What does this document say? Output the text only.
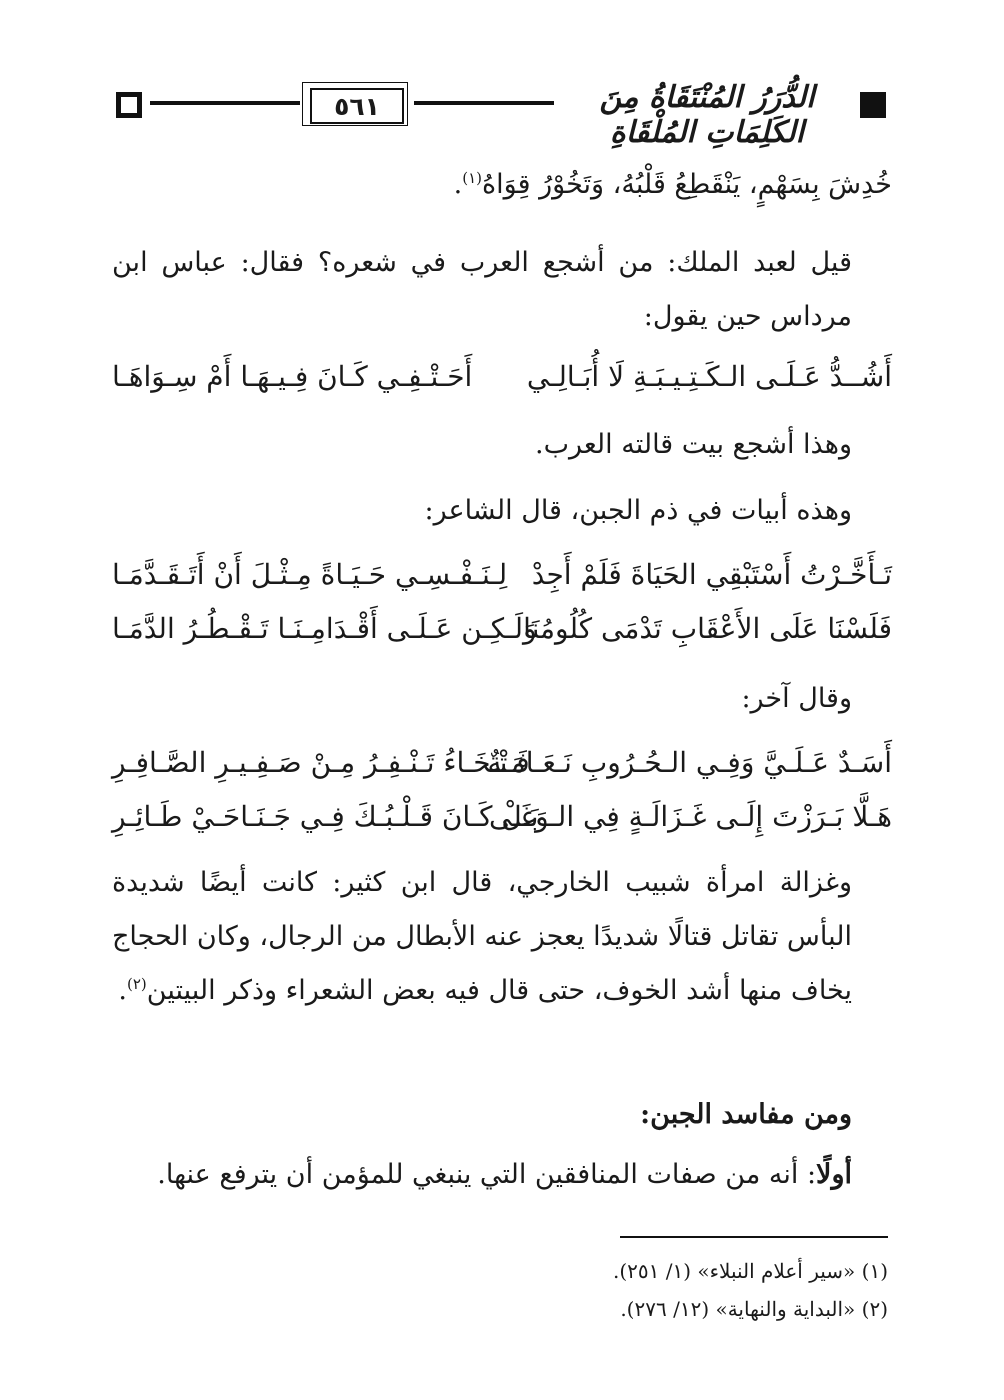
٥٦١	الدُّرَرُ المُنْتَقَاةُ مِنَ الكَلِمَاتِ المُلْقَاةِ
خُدِشَ بِسَهْمٍ، يَنْقَطِعُ قَلْبُهُ، وَتَخُوْرُ قِوَاهُ$^{(١)}$.
قيل لعبد الملك: من أشجع العرب في شعره؟ فقال: عباس ابن مرداس حين يقول:
أَشُــدُّ عَـلَـى الـكَـتِـيـبَـةِ لَا أُبَـالِـي
أَحَـتْـفِـي كَـانَ فِـيـهَـا أَمْ سِـوَاهَـا
وهذا أشجع بيت قالته العرب.
وهذه أبيات في ذم الجبن، قال الشاعر:
تَـأَخَّـرْتُ أَسْتَبْقِي الحَيَاةَ فَلَمْ أَجِدْ
لِـنَـفْـسِـي حَـيَـاةً مِـثْـلَ أَنْ أَتَـقَـدَّمَـا
فَلَسْنَا عَلَى الأَعْقَابِ تَدْمَى كُلُومُنَا
وَلَـكِـن عَـلَـى أَقْـدَامِـنَـا تَـقْـطُـرُ الدَّمَـا
وقال آخر:
أَسَـدٌ عَـلَـيَّ وَفِـي الـحُـرُوبِ نَـعَـامَـةٌ
فَـتْـخَـاءُ تَـنْـفِـرُ مِـنْ صَـفِـيـرِ الصَّـافِـرِ
هَـلَّا بَـرَزْتَ إِلَـى غَـزَالَـةٍ فِي الـوَغَـى
بَـلْ كَـانَ قَـلْـبُـكَ فِـي جَـنَـاحَـيْ طَـائِـرِ
وغزالة امرأة شبيب الخارجي، قال ابن كثير: كانت أيضًا شديدة البأس تقاتل قتالًا شديدًا يعجز عنه الأبطال من الرجال، وكان الحجاج يخاف منها أشد الخوف، حتى قال فيه بعض الشعراء وذكر البيتين$^{(٢)}$.
ومن مفاسد الجبن:
أولًا: أنه من صفات المنافقين التي ينبغي للمؤمن أن يترفع عنها.
(١) «سير أعلام النبلاء» (١/ ٢٥١).
(٢) «البداية والنهاية» (١٢/ ٢٧٦).
